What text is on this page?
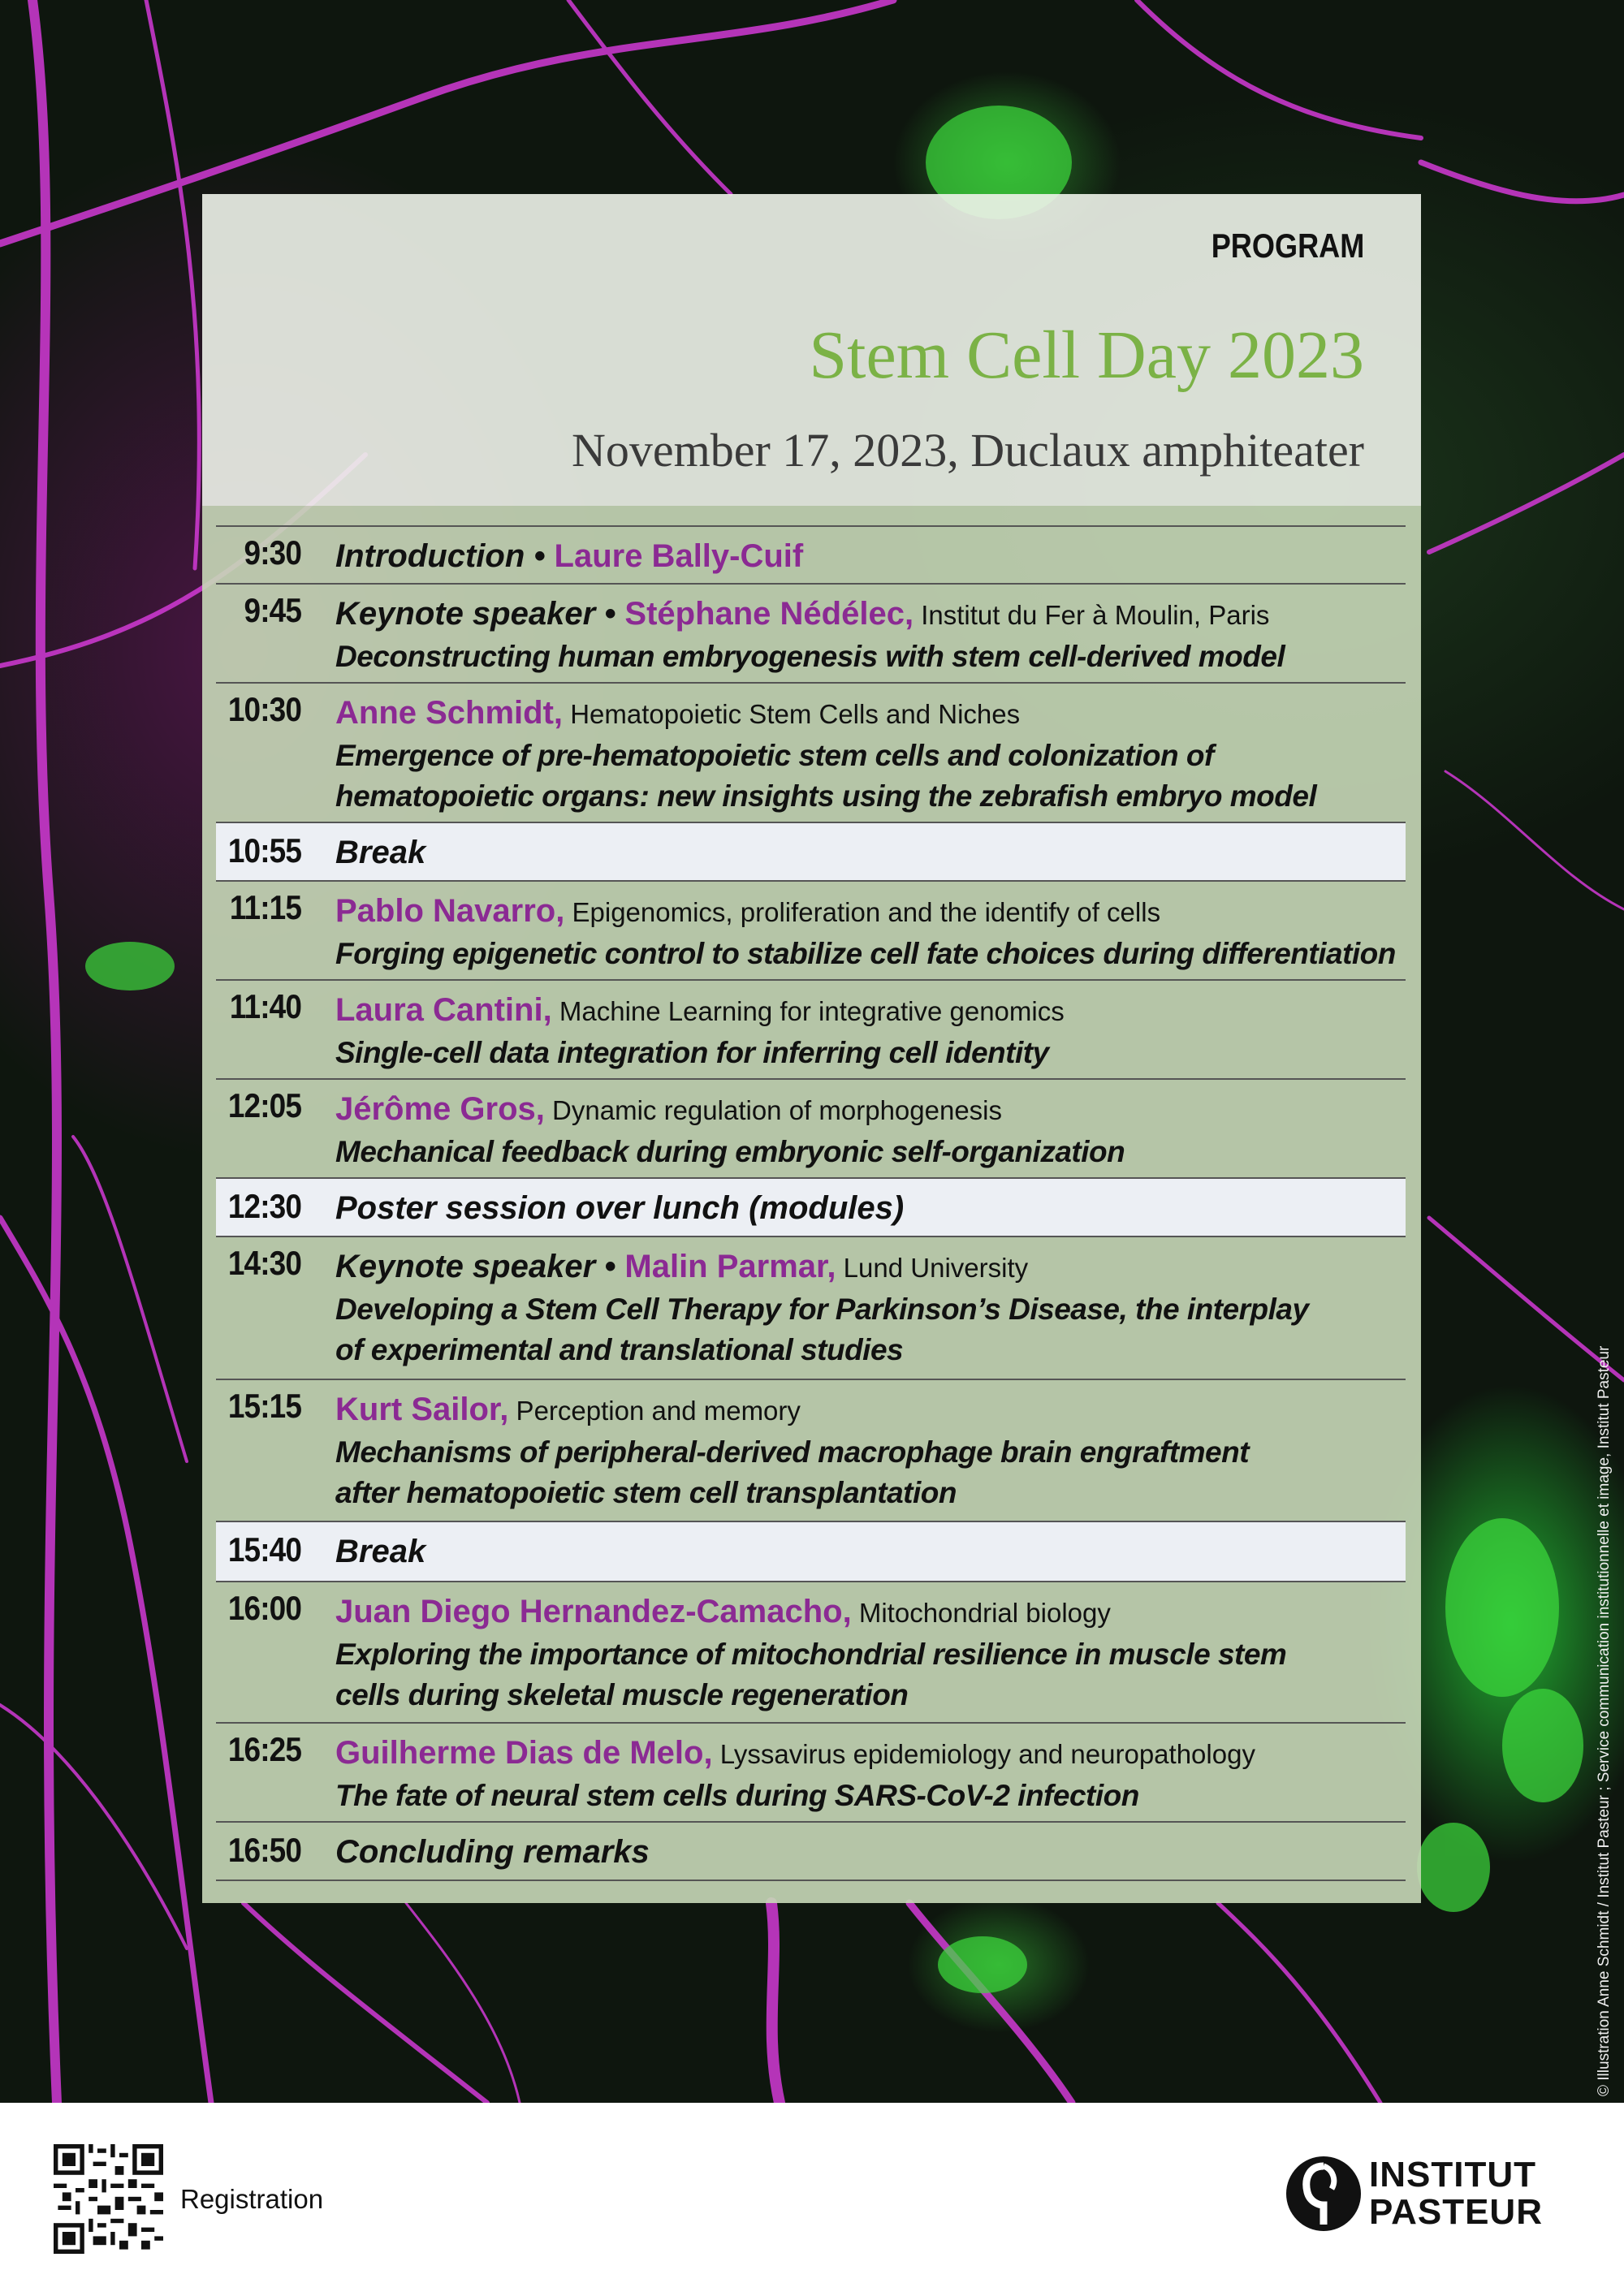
PROGRAM
Stem Cell Day 2023
November 17, 2023, Duclaux amphiteater
9:30 Introduction • Laure Bally-Cuif
9:45 Keynote speaker • Stéphane Nédélec, Institut du Fer à Moulin, Paris
Deconstructing human embryogenesis with stem cell-derived model
10:30 Anne Schmidt, Hematopoietic Stem Cells and Niches
Emergence of pre-hematopoietic stem cells and colonization of hematopoietic organs: new insights using the zebrafish embryo model
10:55 Break
11:15 Pablo Navarro, Epigenomics, proliferation and the identify of cells
Forging epigenetic control to stabilize cell fate choices during differentiation
11:40 Laura Cantini, Machine Learning for integrative genomics
Single-cell data integration for inferring cell identity
12:05 Jérôme Gros, Dynamic regulation of morphogenesis
Mechanical feedback during embryonic self-organization
12:30 Poster session over lunch (modules)
14:30 Keynote speaker • Malin Parmar, Lund University
Developing a Stem Cell Therapy for Parkinson’s Disease, the interplay of experimental and translational studies
15:15 Kurt Sailor, Perception and memory
Mechanisms of peripheral-derived macrophage brain engraftment after hematopoietic stem cell transplantation
15:40 Break
16:00 Juan Diego Hernandez-Camacho, Mitochondrial biology
Exploring the importance of mitochondrial resilience in muscle stem cells during skeletal muscle regeneration
16:25 Guilherme Dias de Melo, Lyssavirus epidemiology and neuropathology
The fate of neural stem cells during SARS-CoV-2 infection
16:50 Concluding remarks	© Illustration Anne Schmidt / Institut Pasteur ; Service communication institutionnelle et image, Institut Pasteur
Registration
INSTITUT
PASTEUR
